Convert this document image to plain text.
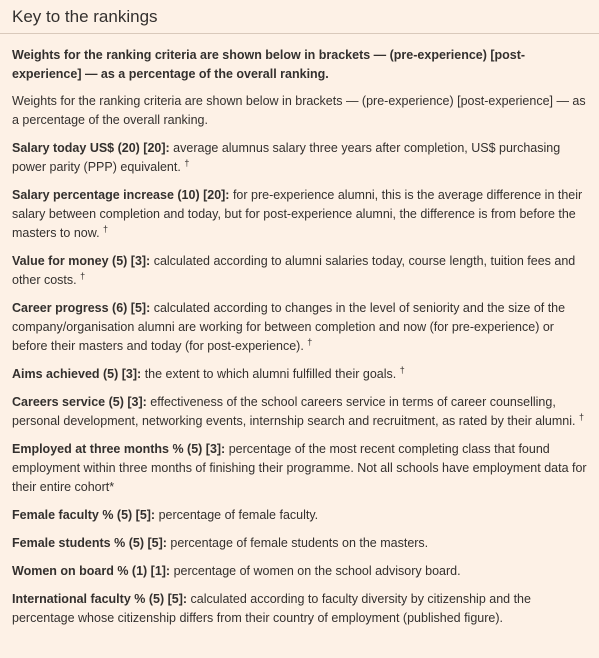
Key to the rankings
Weights for the ranking criteria are shown below in brackets — (pre-experience) [post-experience] — as a percentage of the overall ranking.
Weights for the ranking criteria are shown below in brackets — (pre-experience) [post-experience] — as a percentage of the overall ranking.
Salary today US$ (20) [20]: average alumnus salary three years after completion, US$ purchasing power parity (PPP) equivalent. †
Salary percentage increase (10) [20]: for pre-experience alumni, this is the average difference in their salary between completion and today, but for post-experience alumni, the difference is from before the masters to now. †
Value for money (5) [3]: calculated according to alumni salaries today, course length, tuition fees and other costs. †
Career progress (6) [5]: calculated according to changes in the level of seniority and the size of the company/organisation alumni are working for between completion and now (for pre-experience) or before their masters and today (for post-experience). †
Aims achieved (5) [3]: the extent to which alumni fulfilled their goals. †
Careers service (5) [3]: effectiveness of the school careers service in terms of career counselling, personal development, networking events, internship search and recruitment, as rated by their alumni. †
Employed at three months % (5) [3]: percentage of the most recent completing class that found employment within three months of finishing their programme. Not all schools have employment data for their entire cohort*
Female faculty % (5) [5]: percentage of female faculty.
Female students % (5) [5]: percentage of female students on the masters.
Women on board % (1) [1]: percentage of women on the school advisory board.
International faculty % (5) [5]: calculated according to faculty diversity by citizenship and the percentage whose citizenship differs from their country of employment (published figure).
